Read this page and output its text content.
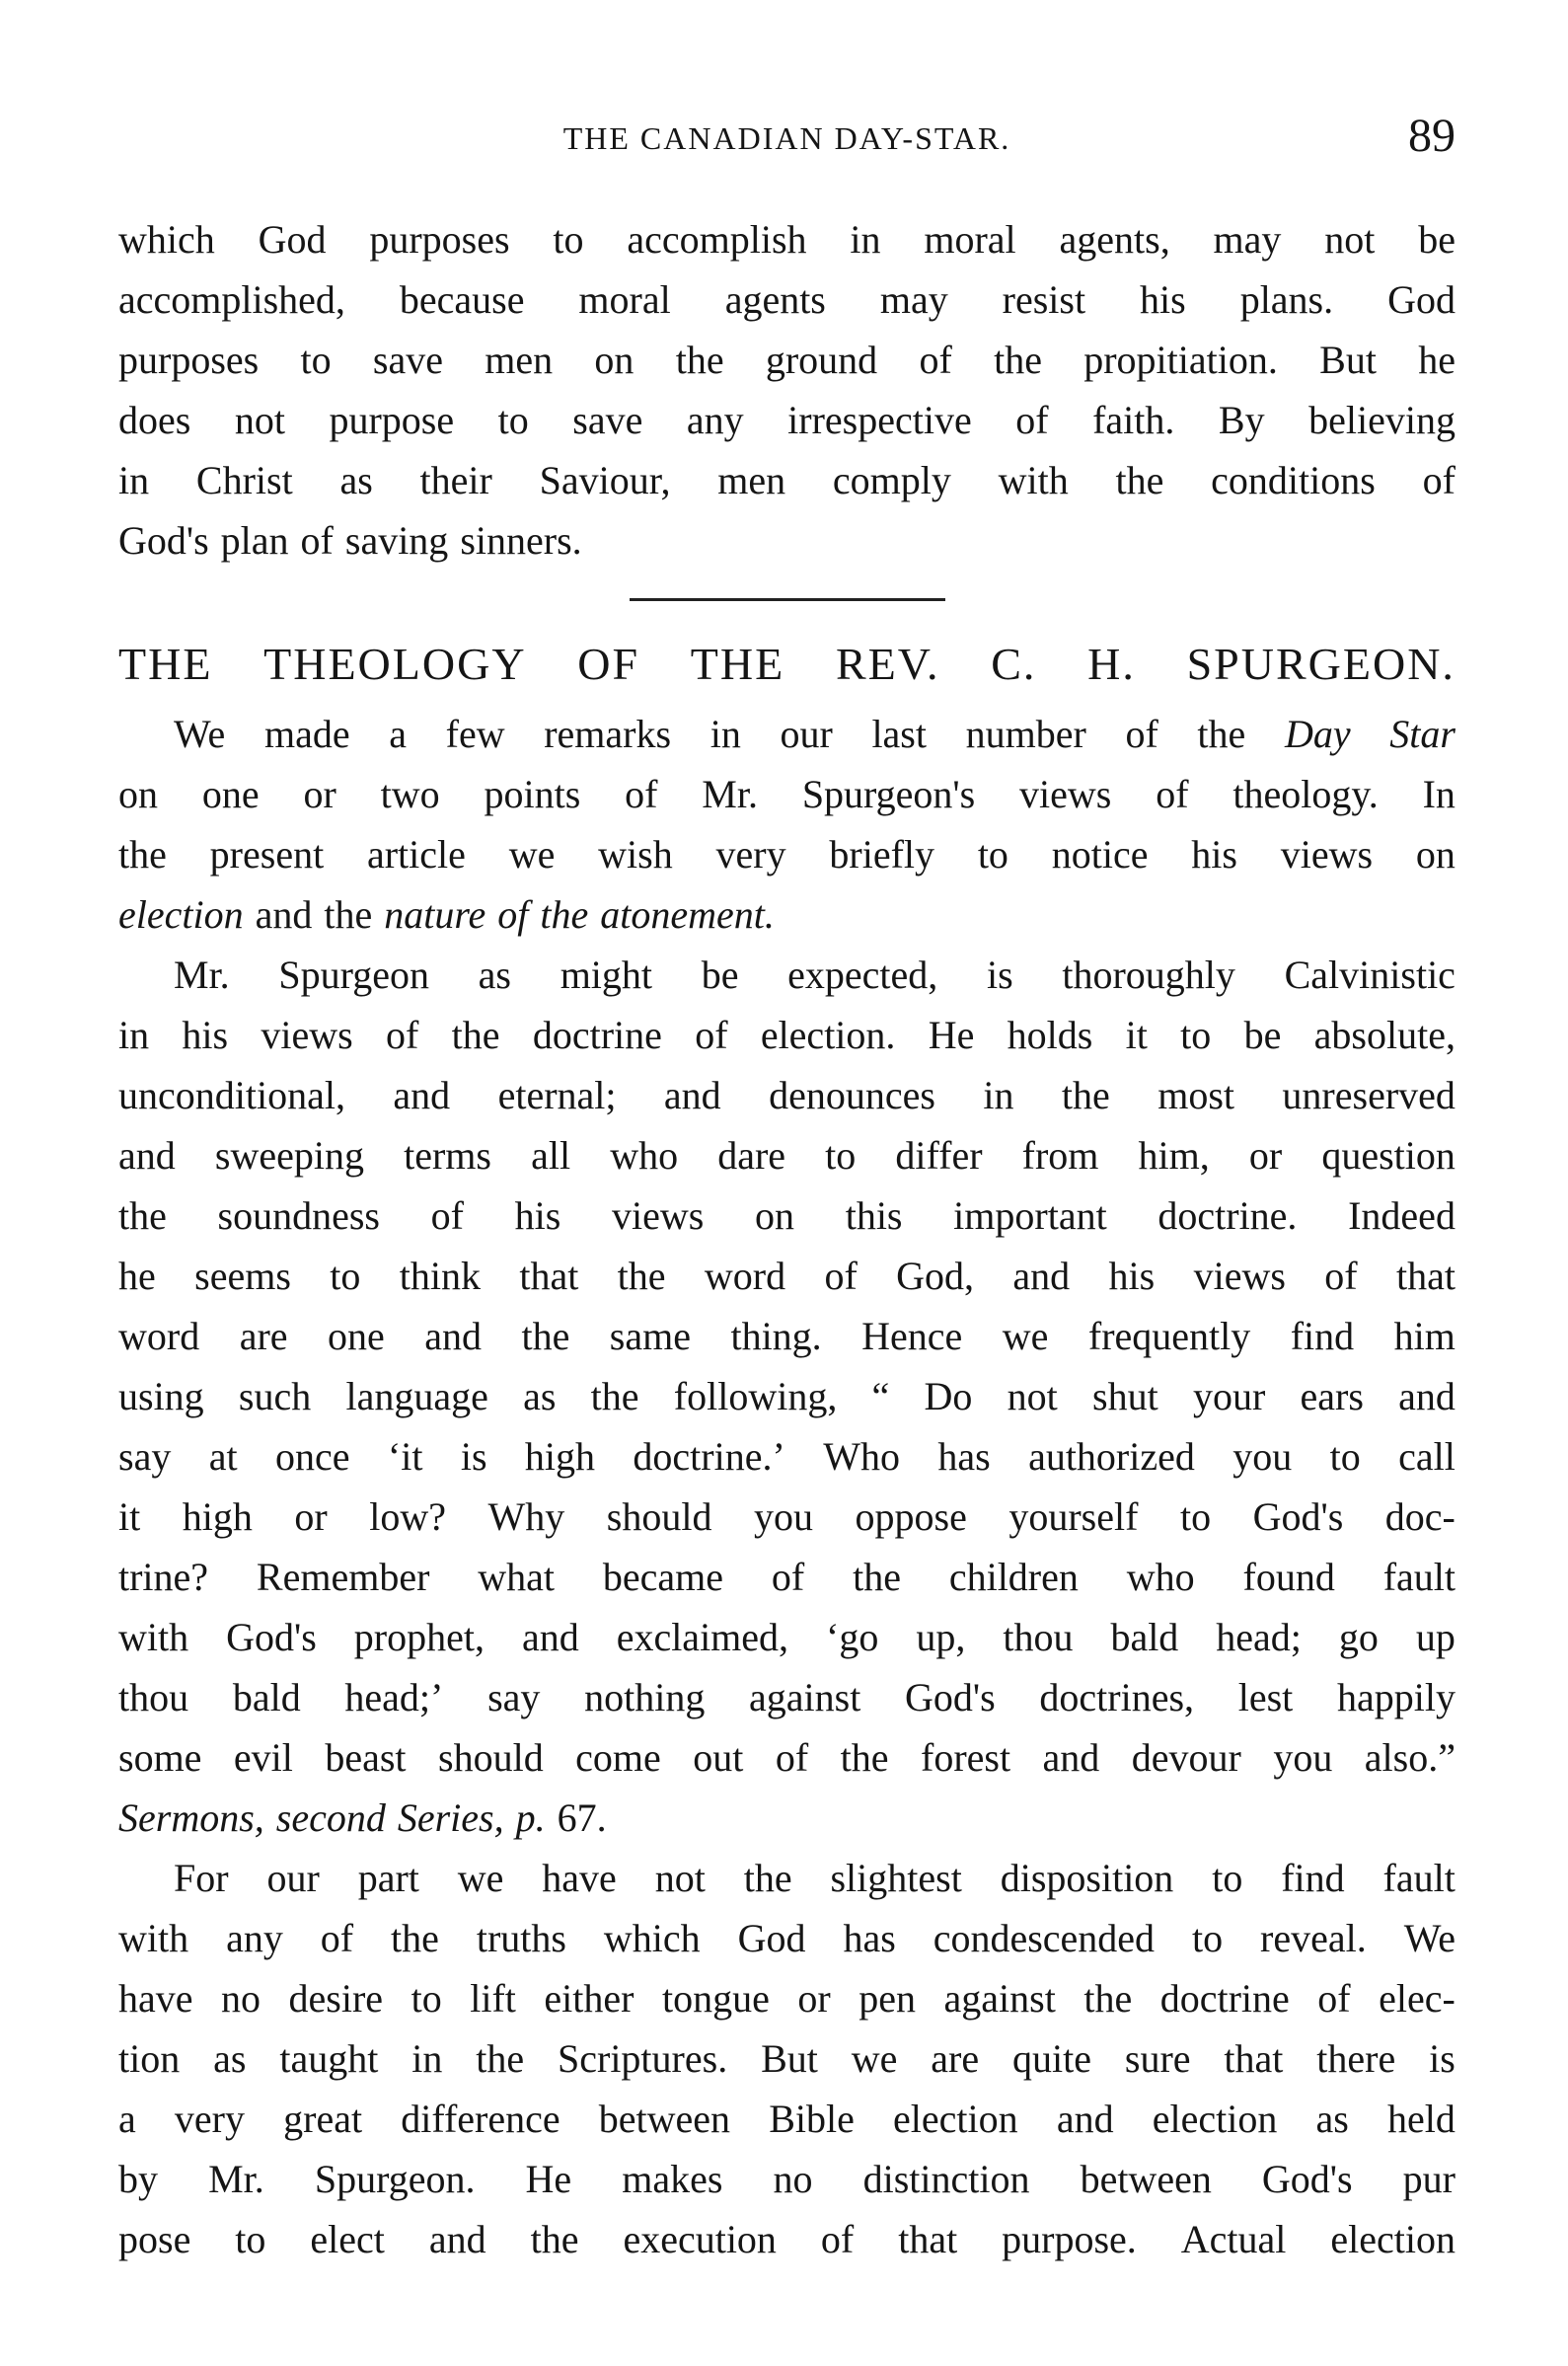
THE CANADIAN DAY-STAR.	89
which God purposes to accomplish in moral agents, may not be
accomplished, because moral agents may resist his plans. God
purposes to save men on the ground of the propitiation. But he
does not purpose to save any irrespective of faith. By believing
in Christ as their Saviour, men comply with the conditions of
God's plan of saving sinners.
THE THEOLOGY OF THE REV. C. H. SPURGEON.
We made a few remarks in our last number of the Day Star
on one or two points of Mr. Spurgeon's views of theology. In
the present article we wish very briefly to notice his views on
election and the nature of the atonement.
Mr. Spurgeon as might be expected, is thoroughly Calvinistic
in his views of the doctrine of election. He holds it to be absolute,
unconditional, and eternal; and denounces in the most unreserved
and sweeping terms all who dare to differ from him, or question
the soundness of his views on this important doctrine. Indeed
he seems to think that the word of God, and his views of that
word are one and the same thing. Hence we frequently find him
using such language as the following, “ Do not shut your ears and
say at once ‘it is high doctrine.’ Who has authorized you to call
it high or low? Why should you oppose yourself to God's doc-
trine? Remember what became of the children who found fault
with God's prophet, and exclaimed, ‘go up, thou bald head; go up
thou bald head;’ say nothing against God's doctrines, lest happily
some evil beast should come out of the forest and devour you also.”
Sermons, second Series, p. 67.
For our part we have not the slightest disposition to find fault
with any of the truths which God has condescended to reveal. We
have no desire to lift either tongue or pen against the doctrine of elec-
tion as taught in the Scriptures. But we are quite sure that there is
a very great difference between Bible election and election as held
by Mr. Spurgeon. He makes no distinction between God's pur
pose to elect and the execution of that purpose. Actual election
